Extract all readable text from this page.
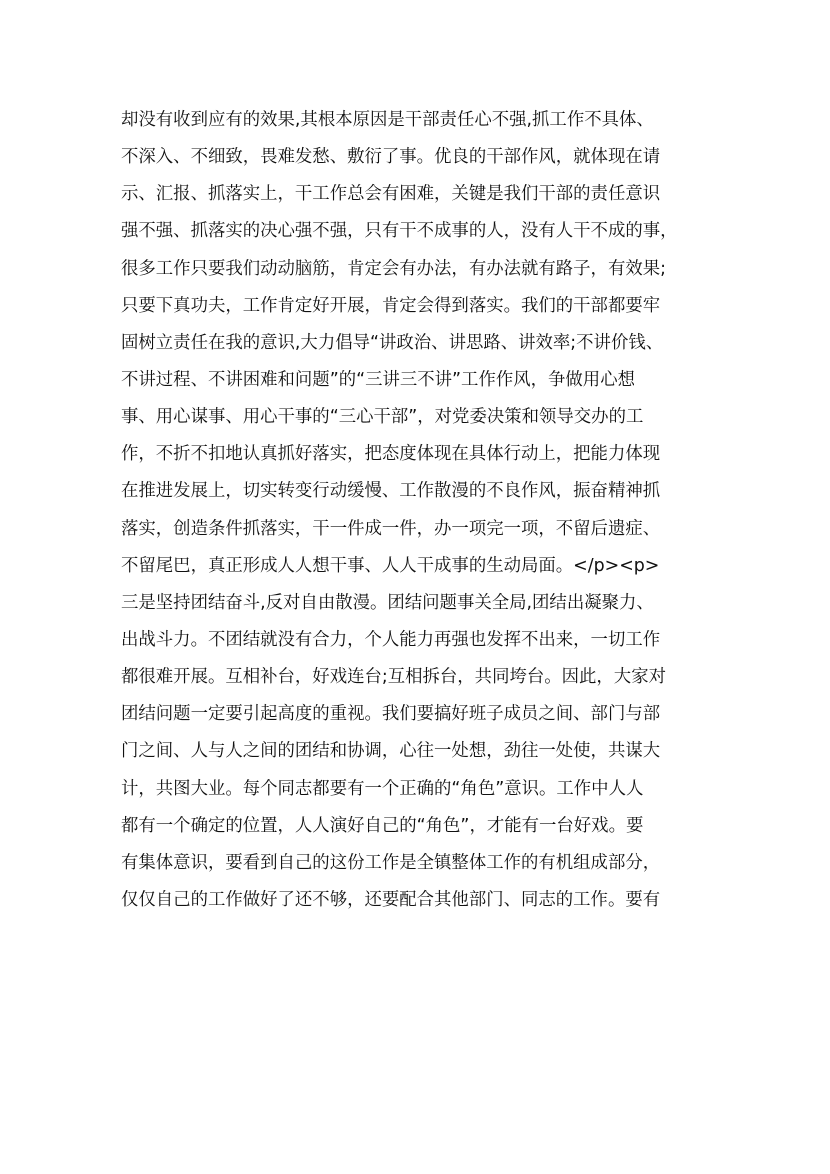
却没有收到应有的效果,其根本原因是干部责任心不强,抓工作不具体、
不深入、不细致，畏难发愁、敷衍了事。优良的干部作风，就体现在请
示、汇报、抓落实上，干工作总会有困难，关键是我们干部的责任意识
强不强、抓落实的决心强不强，只有干不成事的人，没有人干不成的事，
很多工作只要我们动动脑筋，肯定会有办法，有办法就有路子，有效果;
只要下真功夫，工作肯定好开展，肯定会得到落实。我们的干部都要牢
固树立责任在我的意识,大力倡导“讲政治、讲思路、讲效率;不讲价钱、
不讲过程、不讲困难和问题”的“三讲三不讲”工作作风，争做用心想
事、用心谋事、用心干事的“三心干部”，对党委决策和领导交办的工
作，不折不扣地认真抓好落实，把态度体现在具体行动上，把能力体现
在推进发展上，切实转变行动缓慢、工作散漫的不良作风，振奋精神抓
落实，创造条件抓落实，干一件成一件，办一项完一项，不留后遗症、
不留尾巴，真正形成人人想干事、人人干成事的生动局面。</p><p>
三是坚持团结奋斗,反对自由散漫。团结问题事关全局,团结出凝聚力、
出战斗力。不团结就没有合力，个人能力再强也发挥不出来，一切工作
都很难开展。互相补台，好戏连台;互相拆台，共同垮台。因此，大家对
团结问题一定要引起高度的重视。我们要搞好班子成员之间、部门与部
门之间、人与人之间的团结和协调，心往一处想，劲往一处使，共谋大
计，共图大业。每个同志都要有一个正确的“角色”意识。工作中人人
都有一个确定的位置，人人演好自己的“角色”，才能有一台好戏。要
有集体意识，要看到自己的这份工作是全镇整体工作的有机组成部分，
仅仅自己的工作做好了还不够，还要配合其他部门、同志的工作。要有
